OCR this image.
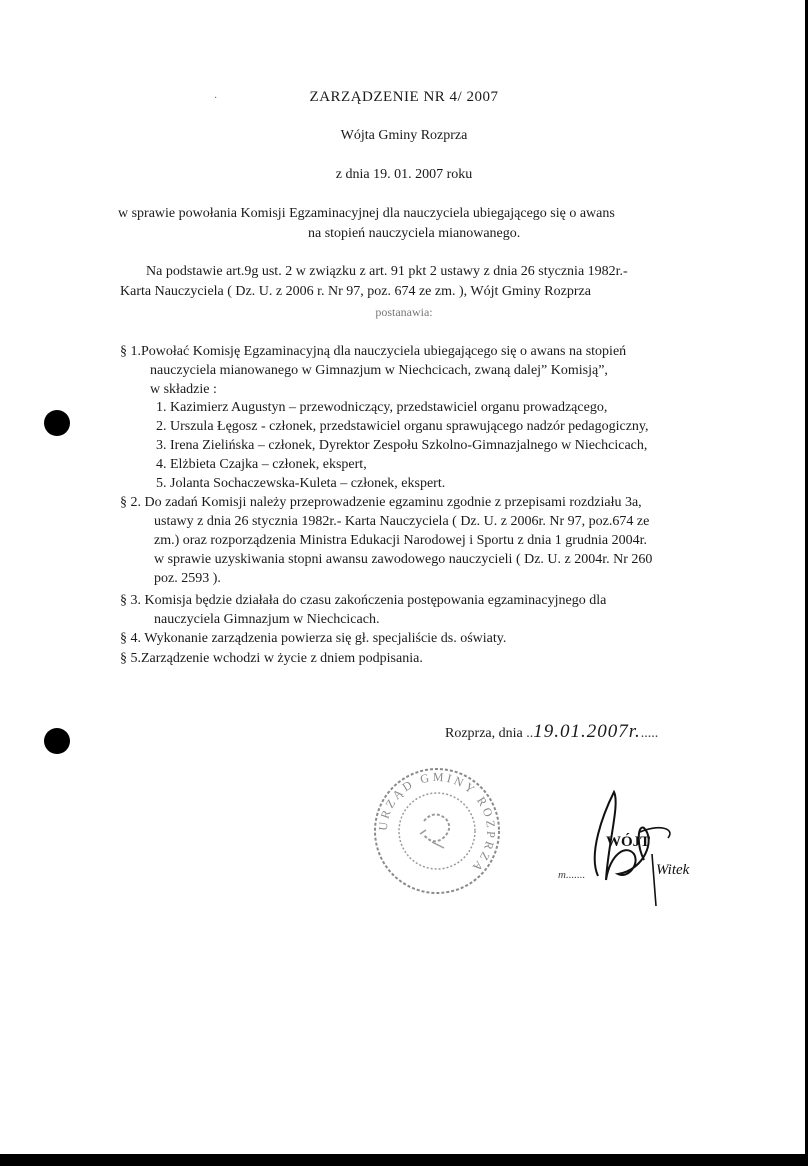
ZARZĄDZENIE NR 4/ 2007
Wójta Gminy Rozprza
z dnia 19. 01. 2007 roku
w sprawie powołania Komisji Egzaminacyjnej dla nauczyciela ubiegającego się o awans
na stopień nauczyciela mianowanego.
Na podstawie art.9g ust. 2 w związku z art. 91 pkt 2 ustawy z dnia 26 stycznia 1982r.-
Karta Nauczyciela ( Dz. U. z 2006 r. Nr 97, poz. 674 ze zm. ), Wójt Gminy Rozprza
postanawia:
§ 1.Powołać Komisję Egzaminacyjną dla nauczyciela ubiegającego się o awans na stopień
nauczyciela mianowanego w Gimnazjum w Niechcicach, zwaną dalej” Komisją”,
w składzie :
1. Kazimierz Augustyn – przewodniczący, przedstawiciel organu prowadzącego,
2. Urszula Łęgosz - członek, przedstawiciel organu sprawującego nadzór pedagogiczny,
3. Irena Zielińska – członek, Dyrektor Zespołu Szkolno-Gimnazjalnego w Niechcicach,
4. Elżbieta Czajka – członek, ekspert,
5. Jolanta Sochaczewska-Kuleta – członek, ekspert.
§ 2. Do zadań Komisji należy przeprowadzenie egzaminu zgodnie z przepisami rozdziału 3a,
ustawy z dnia 26 stycznia 1982r.- Karta Nauczyciela ( Dz. U. z 2006r. Nr 97, poz.674 ze
zm.) oraz rozporządzenia Ministra Edukacji Narodowej i Sportu z dnia 1 grudnia 2004r.
w sprawie uzyskiwania stopni awansu zawodowego nauczycieli ( Dz. U. z 2004r. Nr 260
poz. 2593 ).
§ 3. Komisja będzie działała do czasu zakończenia postępowania egzaminacyjnego dla
nauczyciela Gimnazjum w Niechcicach.
§ 4. Wykonanie zarządzenia powierza się gł. specjaliście ds. oświaty.
§ 5.Zarządzenie wchodzi w życie z dniem podpisania.
Rozprza, dnia ..19.01.2007r......
URZĄD GMINY ROZPRZA
WÓJT
m.......	Witek
·
